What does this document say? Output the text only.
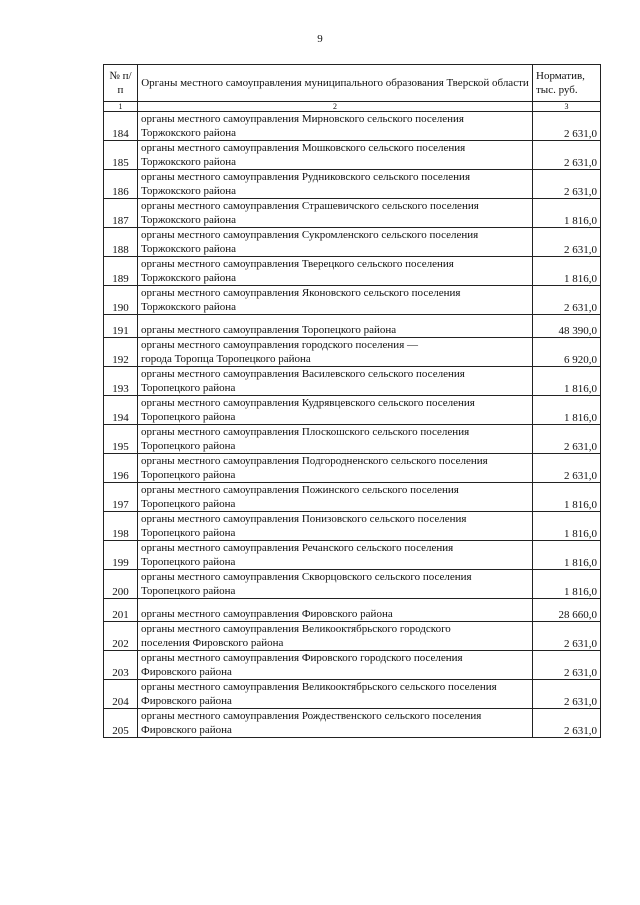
9
№ п/п	Органы местного самоуправления муниципального образования Тверской области	Норматив, тыс. руб.
1	2	3
184	органы местного самоуправления Мирновского сельского поселения
Торжокского района	2 631,0
185	органы местного самоуправления Мошковского сельского поселения
Торжокского района	2 631,0
186	органы местного самоуправления Рудниковского сельского поселения
Торжокского района	2 631,0
187	органы местного самоуправления Страшевичского сельского поселения
Торжокского района	1 816,0
188	органы местного самоуправления Сукромленского сельского поселения
Торжокского района	2 631,0
189	органы местного самоуправления Тверецкого сельского поселения
Торжокского района	1 816,0
190	органы местного самоуправления Яконовского сельского поселения
Торжокского района	2 631,0
191	органы местного самоуправления Торопецкого района	48 390,0
192	органы местного самоуправления городского поселения —
города Торопца Торопецкого района	6 920,0
193	органы местного самоуправления Василевского сельского поселения
Торопецкого района	1 816,0
194	органы местного самоуправления Кудрявцевского сельского поселения
Торопецкого района	1 816,0
195	органы местного самоуправления Плоскошского сельского поселения
Торопецкого района	2 631,0
196	органы местного самоуправления Подгородненского сельского поселения
Торопецкого района	2 631,0
197	органы местного самоуправления Пожинского сельского поселения
Торопецкого района	1 816,0
198	органы местного самоуправления Понизовского сельского поселения
Торопецкого района	1 816,0
199	органы местного самоуправления Речанского сельского поселения
Торопецкого района	1 816,0
200	органы местного самоуправления Скворцовского сельского поселения
Торопецкого района	1 816,0
201	органы местного самоуправления Фировского района	28 660,0
202	органы местного самоуправления Великооктябрьского городского
поселения Фировского района	2 631,0
203	органы местного самоуправления Фировского городского поселения
Фировского района	2 631,0
204	органы местного самоуправления Великооктябрьского сельского поселения
Фировского района	2 631,0
205	органы местного самоуправления Рождественского сельского поселения
Фировского района	2 631,0
